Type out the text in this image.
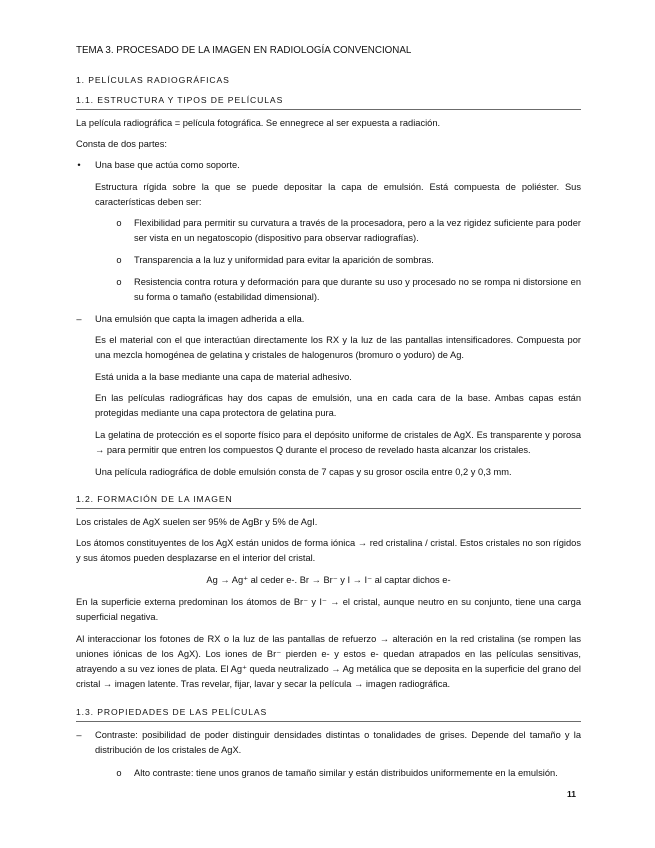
TEMA 3. PROCESADO DE LA IMAGEN EN RADIOLOGÍA CONVENCIONAL
1. PELÍCULAS RADIOGRÁFICAS
1.1. ESTRUCTURA Y TIPOS DE PELÍCULAS
La película radiográfica = película fotográfica. Se ennegrece al ser expuesta a radiación.
Consta de dos partes:
•	Una base que actúa como soporte.
Estructura rígida sobre la que se puede depositar la capa de emulsión. Está compuesta de poliéster. Sus características deben ser:
o Flexibilidad para permitir su curvatura a través de la procesadora, pero a la vez rigidez suficiente para poder ser vista en un negatoscopio (dispositivo para observar radiografías).
o Transparencia a la luz y uniformidad para evitar la aparición de sombras.
o Resistencia contra rotura y deformación para que durante su uso y procesado no se rompa ni distorsione en su forma o tamaño (estabilidad dimensional).
– Una emulsión que capta la imagen adherida a ella.
Es el material con el que interactúan directamente los RX y la luz de las pantallas intensificadores. Compuesta por una mezcla homogénea de gelatina y cristales de halogenuros (bromuro o yoduro) de Ag.
Está unida a la base mediante una capa de material adhesivo.
En las películas radiográficas hay dos capas de emulsión, una en cada cara de la base. Ambas capas están protegidas mediante una capa protectora de gelatina pura.
La gelatina de protección es el soporte físico para el depósito uniforme de cristales de AgX. Es transparente y porosa → para permitir que entren los compuestos Q durante el proceso de revelado hasta alcanzar los cristales.
Una película radiográfica de doble emulsión consta de 7 capas y su grosor oscila entre 0,2 y 0,3 mm.
1.2. FORMACIÓN DE LA IMAGEN
Los cristales de AgX suelen ser 95% de AgBr y 5% de AgI.
Los átomos constituyentes de los AgX están unidos de forma iónica → red cristalina / cristal. Estos cristales no son rígidos y sus átomos pueden desplazarse en el interior del cristal.
Ag → Ag⁺ al ceder e-. Br → Br⁻ y I → I⁻ al captar dichos e-
En la superficie externa predominan los átomos de Br⁻ y I⁻ → el cristal, aunque neutro en su conjunto, tiene una carga superficial negativa.
Al interaccionar los fotones de RX o la luz de las pantallas de refuerzo → alteración en la red cristalina (se rompen las uniones iónicas de los AgX). Los iones de Br⁻ pierden e- y estos e- quedan atrapados en las películas sensitivas, atrayendo a su vez iones de plata. El Ag⁺ queda neutralizado → Ag metálica que se deposita en la superficie del grano del cristal → imagen latente. Tras revelar, fijar, lavar y secar la película → imagen radiográfica.
1.3. PROPIEDADES DE LAS PELÍCULAS
– Contraste: posibilidad de poder distinguir densidades distintas o tonalidades de grises. Depende del tamaño y la distribución de los cristales de AgX.
o Alto contraste: tiene unos granos de tamaño similar y están distribuidos uniformemente en la emulsión.
11
